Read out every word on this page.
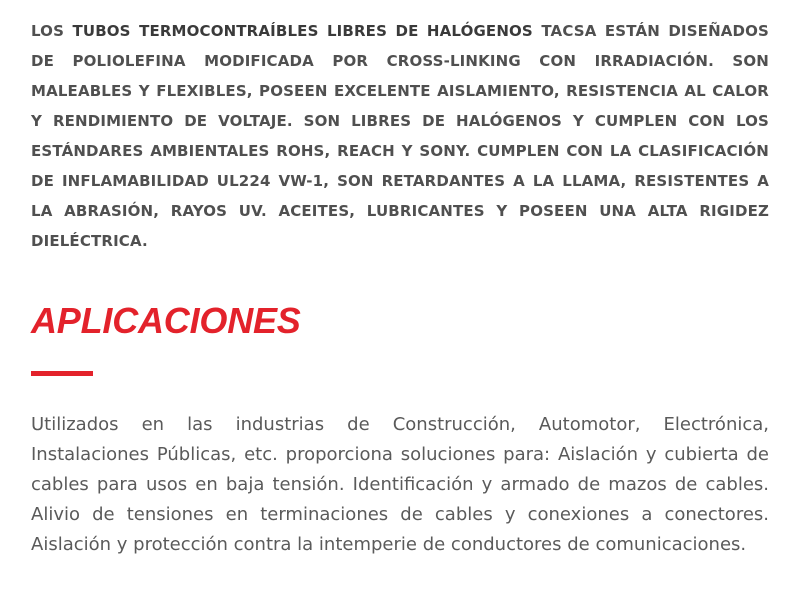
LOS TUBOS TERMOCONTRAÍBLES LIBRES DE HALÓGENOS TACSA ESTÁN DISEÑADOS DE POLIOLEFINA MODIFICADA POR CROSS-LINKING CON IRRADIACIÓN. SON MALEABLES Y FLEXIBLES, POSEEN EXCELENTE AISLAMIENTO, RESISTENCIA AL CALOR Y RENDIMIENTO DE VOLTAJE. SON LIBRES DE HALÓGENOS Y CUMPLEN CON LOS ESTÁNDARES AMBIENTALES ROHS, REACH Y SONY. CUMPLEN CON LA CLASIFICACIÓN DE INFLAMABILIDAD UL224 VW-1, SON RETARDANTES A LA LLAMA, RESISTENTES A LA ABRASIÓN, RAYOS UV. ACEITES, LUBRICANTES Y POSEEN UNA ALTA RIGIDEZ DIELÉCTRICA.

APLICACIONES

Utilizados en las industrias de Construcción, Automotor, Electrónica, Instalaciones Públicas, etc. proporciona soluciones para: Aislación y cubierta de cables para usos en baja tensión. Identificación y armado de mazos de cables. Alivio de tensiones en terminaciones de cables y conexiones a conectores. Aislación y protección contra la intemperie de conductores de comunicaciones.
